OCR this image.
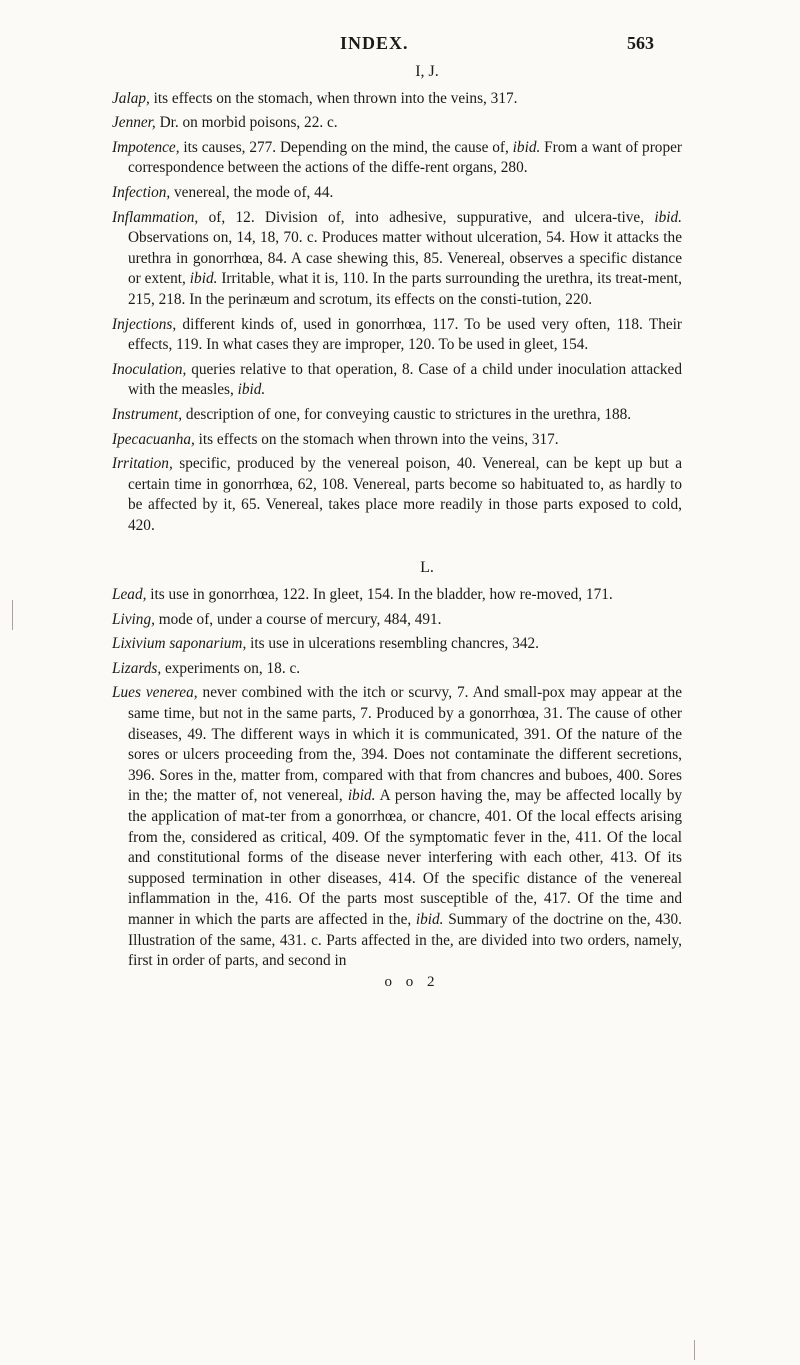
INDEX.	563
I, J.

Jalap, its effects on the stomach, when thrown into the veins, 317.

Jenner, Dr. on morbid poisons, 22. c.

Impotence, its causes, 277. Depending on the mind, the cause of, ibid. From a want of proper correspondence between the actions of the diffe-rent organs, 280.

Infection, venereal, the mode of, 44.

Inflammation, of, 12. Division of, into adhesive, suppurative, and ulcera-tive, ibid. Observations on, 14, 18, 70. c. Produces matter without ulceration, 54. How it attacks the urethra in gonorrhœa, 84. A case shewing this, 85. Venereal, observes a specific distance or extent, ibid. Irritable, what it is, 110. In the parts surrounding the urethra, its treat-ment, 215, 218. In the perinæum and scrotum, its effects on the consti-tution, 220.

Injections, different kinds of, used in gonorrhœa, 117. To be used very often, 118. Their effects, 119. In what cases they are improper, 120. To be used in gleet, 154.

Inoculation, queries relative to that operation, 8. Case of a child under inoculation attacked with the measles, ibid.

Instrument, description of one, for conveying caustic to strictures in the urethra, 188.

Ipecacuanha, its effects on the stomach when thrown into the veins, 317.

Irritation, specific, produced by the venereal poison, 40. Venereal, can be kept up but a certain time in gonorrhœa, 62, 108. Venereal, parts become so habituated to, as hardly to be affected by it, 65. Venereal, takes place more readily in those parts exposed to cold, 420.

L.

Lead, its use in gonorrhœa, 122. In gleet, 154. In the bladder, how re-moved, 171.

Living, mode of, under a course of mercury, 484, 491.

Lixivium saponarium, its use in ulcerations resembling chancres, 342.

Lizards, experiments on, 18. c.

Lues venerea, never combined with the itch or scurvy, 7. And small-pox may appear at the same time, but not in the same parts, 7. Produced by a gonorrhœa, 31. The cause of other diseases, 49. The different ways in which it is communicated, 391. Of the nature of the sores or ulcers proceeding from the, 394. Does not contaminate the different secretions, 396. Sores in the, matter from, compared with that from chancres and buboes, 400. Sores in the; the matter of, not venereal, ibid. A person having the, may be affected locally by the application of mat-ter from a gonorrhœa, or chancre, 401. Of the local effects arising from the, considered as critical, 409. Of the symptomatic fever in the, 411. Of the local and constitutional forms of the disease never interfering with each other, 413. Of its supposed termination in other diseases, 414. Of the specific distance of the venereal inflammation in the, 416. Of the parts most susceptible of the, 417. Of the time and manner in which the parts are affected in the, ibid. Summary of the doctrine on the, 430. Illustration of the same, 431. c. Parts affected in the, are divided into two orders, namely, first in order of parts, and second in

o o 2
